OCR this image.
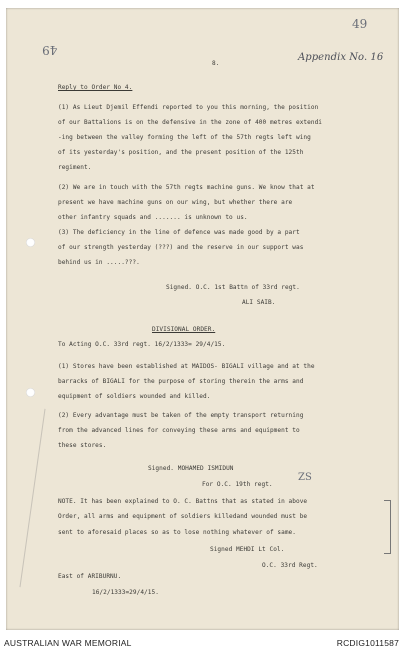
49
49
8.
Appendix No. 16
Reply to Order No 4.
(1) As Lieut Djemil Effendi reported to you this morning, the position
of our Battalions is on the defensive in the zone of 400 metres extendi
-ing between the valley forming the left of the 57th regts left wing
of its yesterday's position, and the present position of the 125th
regiment.
(2) We are in touch with the 57th regts machine guns. We know that at
present we have machine guns on our wing, but whether there are
other infantry squads and ....... is unknown to us.
(3) The deficiency in the line of defence was made good by a part
of our strength yesterday (???) and the reserve in our support was
behind us in .....???.
Signed. O.C. 1st Battn of 33rd regt.
ALI SAIB.
DIVISIONAL ORDER.
To Acting O.C. 33rd regt. 16/2/1333= 29/4/15.
(1) Stores have been established at MAIDOS- BIGALI village and at the
barracks of BIGALI for the purpose of storing therein the arms and
equipment of soldiers wounded and killed.
(2) Every advantage must be taken of the empty transport returning
from the advanced lines for conveying these arms and equipment to
these stores.
Signed. MOHAMED ISMIDUN
For O.C. 19th regt.
ZS
NOTE. It has been explained to O. C. Battns that as stated in above
Order, all arms and equipment of soldiers killedand wounded must be
sent to aforesaid places so as to lose nothing whatever of same.
Signed MEHDI Lt Col.
O.C. 33rd Regt.
East of ARIBURNU.
16/2/1333=29/4/15.
AUSTRALIAN WAR MEMORIAL	RCDIG1011587
